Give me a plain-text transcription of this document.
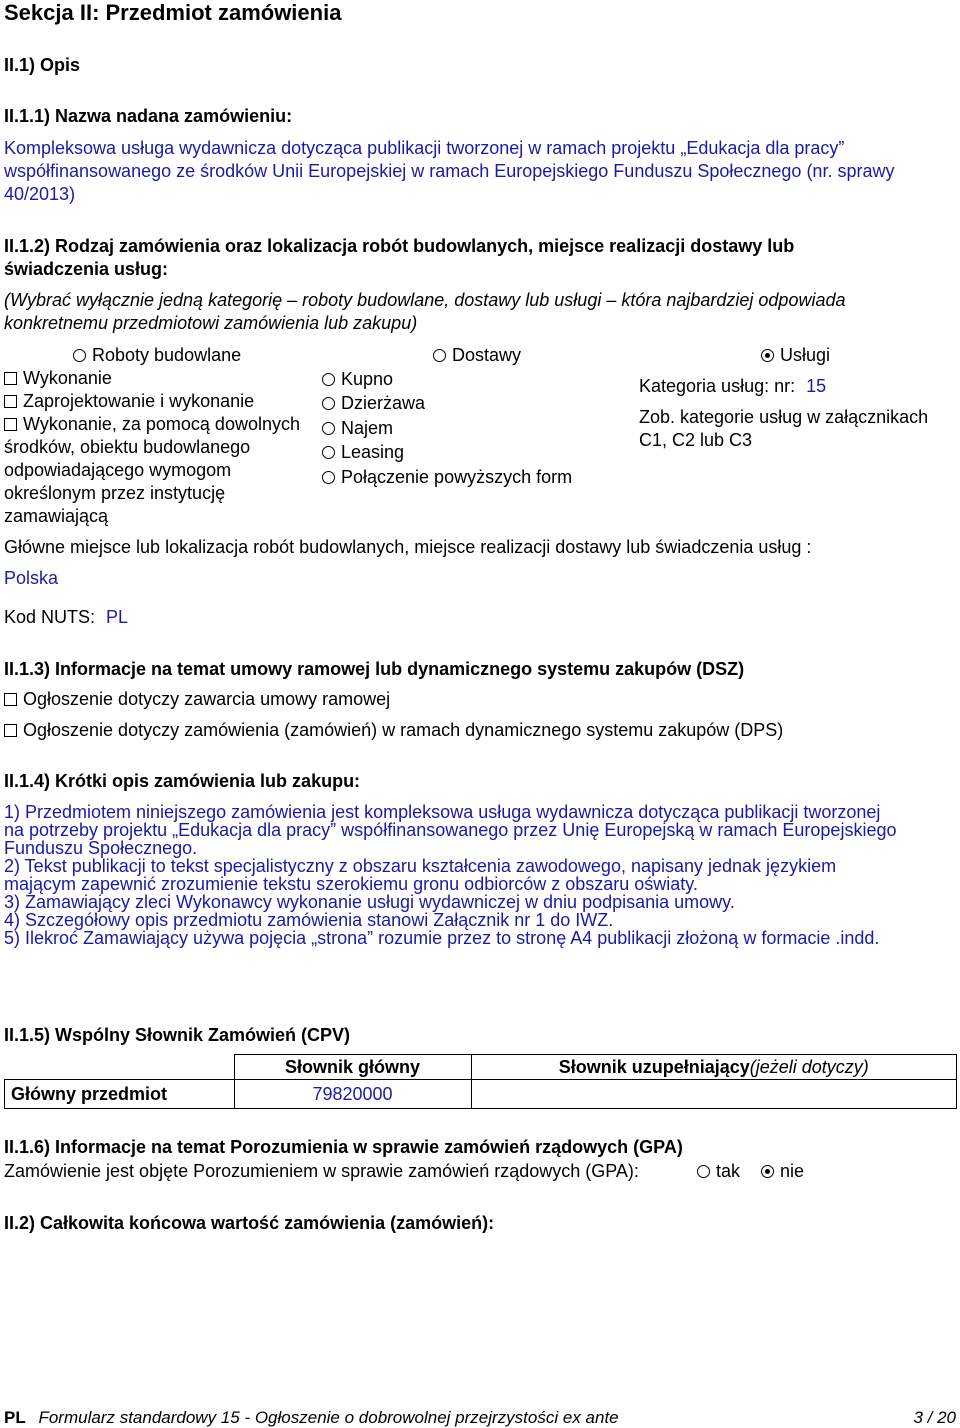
Sekcja II: Przedmiot zamówienia
II.1) Opis
II.1.1) Nazwa nadana zamówieniu:
Kompleksowa usługa wydawnicza dotycząca publikacji tworzonej w ramach projektu „Edukacja dla pracy”
współfinansowanego ze środków Unii Europejskiej w ramach Europejskiego Funduszu Społecznego (nr. sprawy
40/2013)
II.1.2) Rodzaj zamówienia oraz lokalizacja robót budowlanych, miejsce realizacji dostawy lub
świadczenia usług:
(Wybrać wyłącznie jedną kategorię – roboty budowlane, dostawy lub usługi – która najbardziej odpowiada
konkretnemu przedmiotowi zamówienia lub zakupu)
Roboty budowlane	Dostawy	Usługi
Wykonanie
Zaprojektowanie i wykonanie
Wykonanie, za pomocą dowolnych
środków, obiektu budowlanego
odpowiadającego wymogom
określonym przez instytucję
zamawiającą
Kupno
Dzierżawa
Najem
Leasing
Połączenie powyższych form
Kategoria usług: nr: 15
Zob. kategorie usług w załącznikach
C1, C2 lub C3
Główne miejsce lub lokalizacja robót budowlanych, miejsce realizacji dostawy lub świadczenia usług :
Polska
Kod NUTS: PL
II.1.3) Informacje na temat umowy ramowej lub dynamicznego systemu zakupów (DSZ)
Ogłoszenie dotyczy zawarcia umowy ramowej
Ogłoszenie dotyczy zamówienia (zamówień) w ramach dynamicznego systemu zakupów (DPS)
II.1.4) Krótki opis zamówienia lub zakupu:
1) Przedmiotem niniejszego zamówienia jest kompleksowa usługa wydawnicza dotycząca publikacji tworzonej
na potrzeby projektu „Edukacja dla pracy” współfinansowanego przez Unię Europejską w ramach Europejskiego
Funduszu Społecznego.
2) Tekst publikacji to tekst specjalistyczny z obszaru kształcenia zawodowego, napisany jednak językiem
mającym zapewnić zrozumienie tekstu szerokiemu gronu odbiorców z obszaru oświaty.
3) Zamawiający zleci Wykonawcy wykonanie usługi wydawniczej w dniu podpisania umowy.
4) Szczegółowy opis przedmiotu zamówienia stanowi Załącznik nr 1 do IWZ.
5) Ilekroć Zamawiający używa pojęcia „strona” rozumie przez to stronę A4 publikacji złożoną w formacie .indd.
II.1.5) Wspólny Słownik Zamówień (CPV)
	Słownik główny	Słownik uzupełniający(jeżeli dotyczy)
Główny przedmiot	79820000	
II.1.6) Informacje na temat Porozumienia w sprawie zamówień rządowych (GPA)
Zamówienie jest objęte Porozumieniem w sprawie zamówień rządowych (GPA):	tak	nie
II.2) Całkowita końcowa wartość zamówienia (zamówień):
PL Formularz standardowy 15 - Ogłoszenie o dobrowolnej przejrzystości ex ante	3 / 20
